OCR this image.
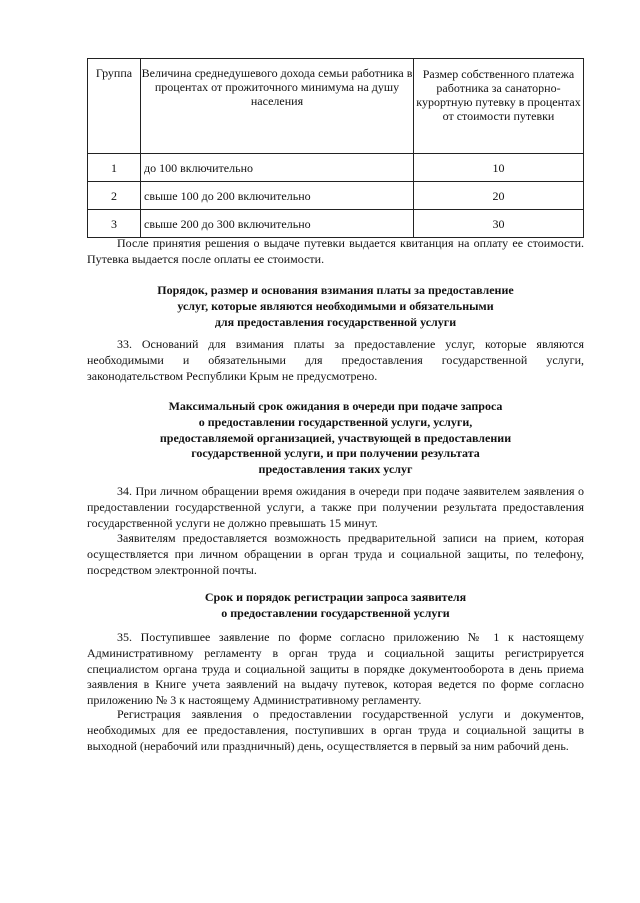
Группа	Величина среднедушевого дохода семьи работника в процентах от прожиточного минимума на душу населения	Размер собственного платежа работника за санаторно-курортную путевку в процентах от стоимости путевки
1	до 100 включительно	10
2	свыше 100 до 200 включительно	20
3	свыше 200 до 300 включительно	30
После принятия решения о выдаче путевки выдается квитанция на оплату ее стоимости. Путевка выдается после оплаты ее стоимости.

Порядок, размер и основания взимания платы за предоставление

услуг, которые являются необходимыми и обязательными

для предоставления государственной услуги

33. Оснований для взимания платы за предоставление услуг, которые являются необходимыми и обязательными для предоставления государственной услуги, законодательством Республики Крым не предусмотрено.

Максимальный срок ожидания в очереди при подаче запроса

о предоставлении государственной услуги, услуги,

предоставляемой организацией, участвующей в предоставлении

государственной услуги, и при получении результата

предоставления таких услуг

34. При личном обращении время ожидания в очереди при подаче заявителем заявления о предоставлении государственной услуги, а также при получении результата предоставления государственной услуги не должно превышать 15 минут.
Заявителям предоставляется возможность предварительной записи на прием, которая осуществляется при личном обращении в орган труда и социальной защиты, по телефону, посредством электронной почты.

Срок и порядок регистрации запроса заявителя

о предоставлении государственной услуги

35. Поступившее заявление по форме согласно приложению № 1 к настоящему Административному регламенту в орган труда и социальной защиты регистрируется специалистом органа труда и социальной защиты в порядке документооборота в день приема заявления в Книге учета заявлений на выдачу путевок, которая ведется по форме согласно приложению № 3 к настоящему Административному регламенту.
Регистрация заявления о предоставлении государственной услуги и документов, необходимых для ее предоставления, поступивших в орган труда и социальной защиты в выходной (нерабочий или праздничный) день, осуществляется в первый за ним рабочий день.
